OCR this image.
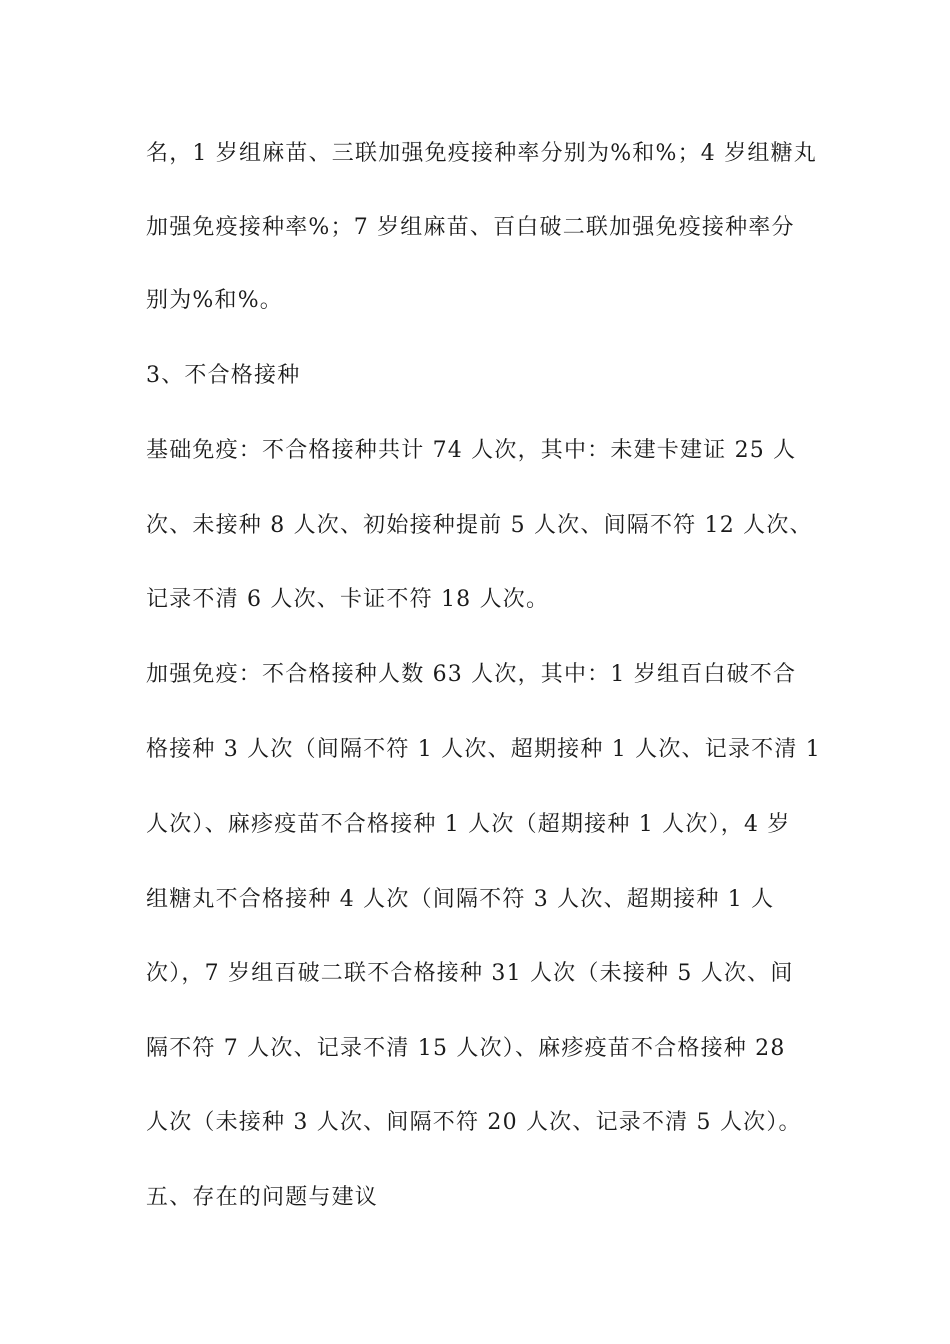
名，1 岁组麻苗、三联加强免疫接种率分别为%和%；4 岁组糖丸
加强免疫接种率%；7 岁组麻苗、百白破二联加强免疫接种率分
别为%和%。
3、不合格接种
基础免疫：不合格接种共计 74 人次，其中：未建卡建证 25 人
次、未接种 8 人次、初始接种提前 5 人次、间隔不符 12 人次、
记录不清 6 人次、卡证不符 18 人次。
加强免疫：不合格接种人数 63 人次，其中：1 岁组百白破不合
格接种 3 人次（间隔不符 1 人次、超期接种 1 人次、记录不清 1
人次）、麻疹疫苗不合格接种 1 人次（超期接种 1 人次），4 岁
组糖丸不合格接种 4 人次（间隔不符 3 人次、超期接种 1 人
次），7 岁组百破二联不合格接种 31 人次（未接种 5 人次、间
隔不符 7 人次、记录不清 15 人次）、麻疹疫苗不合格接种 28
人次（未接种 3 人次、间隔不符 20 人次、记录不清 5 人次）。
五、存在的问题与建议
